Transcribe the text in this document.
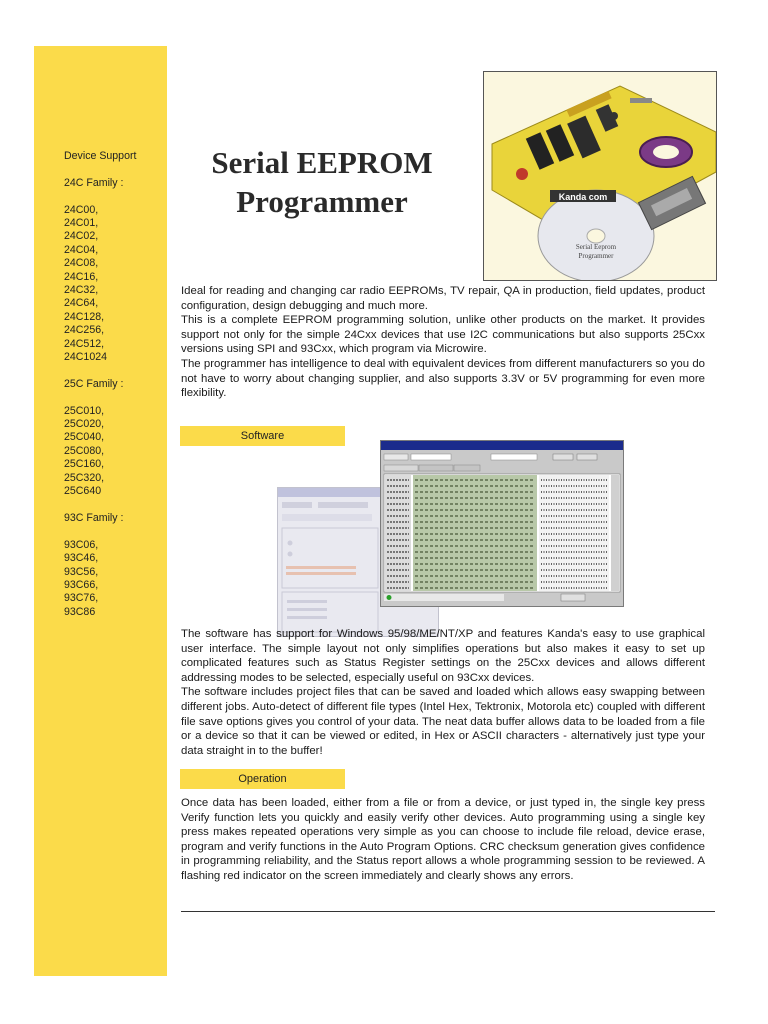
Device Support
24C Family :
24C00,
24C01,
24C02,
24C04,
24C08,
24C16,
24C32,
24C64,
24C128,
24C256,
24C512,
24C1024
25C Family :
25C010,
25C020,
25C040,
25C080,
25C160,
25C320,
25C640
93C Family :
93C06,
93C46,
93C56,
93C66,
93C76,
93C86
Serial EEPROM
Programmer	Kanda com
Serial Eeprom
Programmer

Ideal for reading and changing car radio EEPROMs, TV repair, QA in production, field updates, product configuration, design debugging and much more.

This is a complete EEPROM programming solution, unlike other products on the market. It provides support not only for the simple 24Cxx devices that use I2C communications but also supports 25Cxx versions using SPI and 93Cxx, which program via Microwire.

The programmer has intelligence to deal with equivalent devices from different manufacturers so you do not have to worry about changing supplier, and also supports 3.3V or 5V programming for even more flexibility.

Software

The software has support for Windows 95/98/ME/NT/XP and features Kanda's easy to use graphical user interface. The simple layout not only simplifies operations but also makes it easy to set up complicated features such as Status Register settings on the 25Cxx devices and allows different addressing modes to be selected, especially useful on 93Cxx devices.

The software includes project files that can be saved and loaded which allows easy swapping between different jobs. Auto-detect of different file types (Intel Hex, Tektronix, Motorola etc) coupled with different file save options gives you control of your data. The neat data buffer allows data to be loaded from a file or a device so that it can be viewed or edited, in Hex or ASCII characters - alternatively just type your data straight in to the buffer!

Operation

Once data has been loaded, either from a file or from a device, or just typed in, the single key press Verify function lets you quickly and easily verify other devices. Auto programming using a single key press makes repeated operations very simple as you can choose to include file reload, device erase, program and verify functions in the Auto Program Options. CRC checksum generation gives confidence in programming reliability, and the Status report allows a whole programming session to be reviewed. A flashing red indicator on the screen immediately and clearly shows any errors.
